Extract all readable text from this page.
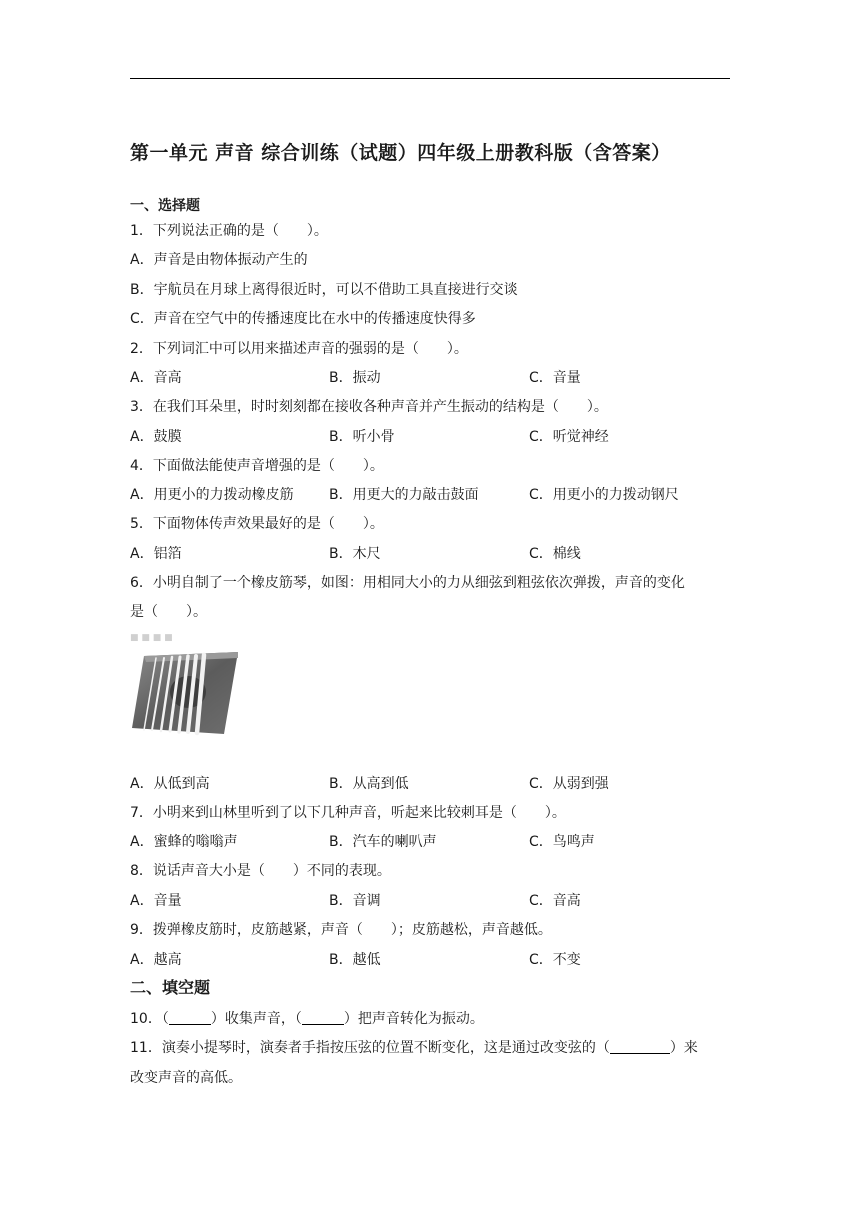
第一单元 声音 综合训练（试题）四年级上册教科版（含答案）
一、选择题
1．下列说法正确的是（　　）。
A．声音是由物体振动产生的
B．宇航员在月球上离得很近时，可以不借助工具直接进行交谈
C．声音在空气中的传播速度比在水中的传播速度快得多
2．下列词汇中可以用来描述声音的强弱的是（　　）。
A．音高	B．振动	C．音量
3．在我们耳朵里，时时刻刻都在接收各种声音并产生振动的结构是（　　）。
A．鼓膜	B．听小骨	C．听觉神经
4．下面做法能使声音增强的是（　　）。
A．用更小的力拨动橡皮筋	B．用更大的力敲击鼓面	C．用更小的力拨动钢尺
5．下面物体传声效果最好的是（　　）。
A．铝箔	B．木尺	C．棉线
6．小明自制了一个橡皮筋琴，如图：用相同大小的力从细弦到粗弦依次弹拨，声音的变化
是（　　）。
■ ■ ■ ■
A．从低到高	B．从高到低	C．从弱到强
7．小明来到山林里听到了以下几种声音，听起来比较刺耳是（　　）。
A．蜜蜂的嗡嗡声	B．汽车的喇叭声	C．鸟鸣声
8．说话声音大小是（　　）不同的表现。
A．音量	B．音调	C．音高
9．拨弹橡皮筋时，皮筋越紧，声音（　　）；皮筋越松，声音越低。
A．越高	B．越低	C．不变
二、填空题
10．（	）收集声音，（	）把声音转化为振动。
11．演奏小提琴时，演奏者手指按压弦的位置不断变化，这是通过改变弦的（	）来
改变声音的高低。
